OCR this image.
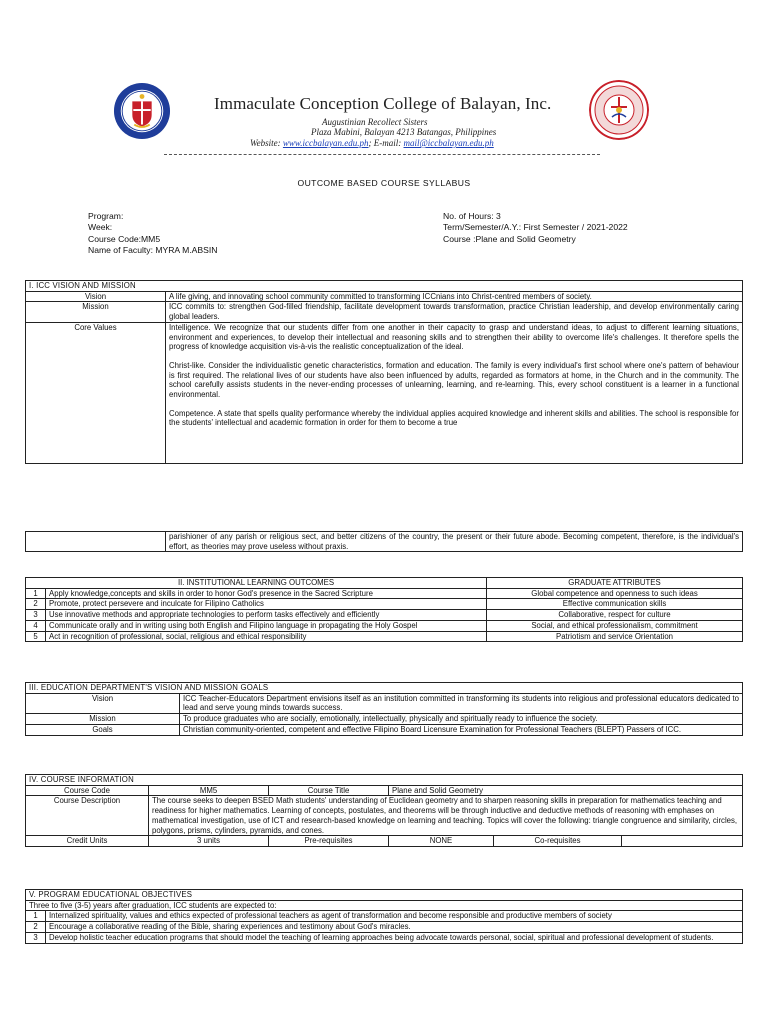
Immaculate Conception College of Balayan, Inc.
Augustinian Recollect Sisters
Plaza Mabini, Balayan 4213 Batangas, Philippines
Website: www.iccbalayan.edu.ph; E-mail: mail@iccbalayan.edu.ph
OUTCOME BASED COURSE SYLLABUS
Program:
Week:
Course Code:MM5
Name of Faculty: MYRA M.ABSIN
No. of Hours: 3
Term/Semester/A.Y.: First Semester / 2021-2022
Course :Plane and Solid Geometry
I. ICC VISION AND MISSION	
Vision	A life giving, and innovating school community committed to transforming ICCnians into Christ-centred members of society.
Mission	ICC commits to: strengthen God-filled friendship, facilitate development towards transformation, practice Christian leadership, and develop environmentally caring global leaders.
Core Values	Intelligence. We recognize that our students differ from one another in their capacity to grasp and understand ideas, to adjust to different learning situations, environment and experiences, to develop their intellectual and reasoning skills and to strengthen their ability to overcome life's challenges. It therefore spells the progress of knowledge acquisition vis-à-vis the realistic conceptualization of the ideal.

Christ-like. Consider the individualistic genetic characteristics, formation and education. The family is every individual's first school where one's pattern of behaviour is first required. The relational lives of our students have also been influenced by adults, regarded as formators at home, in the Church and in the community. The school carefully assists students in the never-ending processes of unlearning, learning, and re-learning. This, every school constituent is a learner in a functional environmental.

Competence. A state that spells quality performance whereby the individual applies acquired knowledge and inherent skills and abilities. The school is responsible for the students' intellectual and academic formation in order for them to become a true

	parishioner of any parish or religious sect, and better citizens of the country, the present or their future abode. Becoming competent, therefore, is the individual's effort, as theories may prove useless without praxis.
II. INSTITUTIONAL LEARNING OUTCOMES		GRADUATE ATTRIBUTES
1	Apply knowledge,concepts and skills in order to honor God's presence in the Sacred Scripture	Global competence and openness to such ideas
2	Promote, protect persevere and inculcate for Filipino Catholics	Effective communication skills
3	Use innovative methods and appropriate technologies to perform tasks effectively and efficiently	Collaborative, respect for culture
4	Communicate orally and in writing using both English and Filipino language in propagating the Holy Gospel	Social, and ethical professionalism, commitment
5	Act in recognition of professional, social, religious and ethical responsibility	Patriotism and service Orientation
III. EDUCATION DEPARTMENT'S VISION AND MISSION GOALS	
Vision	ICC Teacher-Educators Department envisions itself as an institution committed in transforming its students into religious and professional educators dedicated to lead and serve young minds towards success.
Mission	To produce graduates who are socially, emotionally, intellectually, physically and spiritually ready to influence the society.
Goals	Christian community-oriented, competent and effective Filipino Board Licensure Examination for Professional Teachers (BLEPT) Passers of ICC.
IV. COURSE INFORMATION					
Course Code	MM5	Course Title	Plane and Solid Geometry		
Course Description	The course seeks to deepen BSED Math students' understanding of Euclidean geometry and to sharpen reasoning skills in preparation for mathematics teaching and readiness for higher mathematics. Learning of concepts, postulates, and theorems will be through inductive and deductive methods of reasoning with emphases on mathematical investigation, use of ICT and research-based knowledge on learning and teaching. Topics will cover the following: triangle congruence and similarity, circles, polygons, prisms, cylinders, pyramids, and cones.				
Credit Units	3 units	Pre-requisites	NONE	Co-requisites	
V. PROGRAM EDUCATIONAL OBJECTIVES	
Three to five (3-5) years after graduation, ICC students are expected to:	
1	Internalized spirituality, values and ethics expected of professional teachers as agent of transformation and become responsible and productive members of society
2	Encourage a collaborative reading of the Bible, sharing experiences and testimony about God's miracles.
3	Develop holistic teacher education programs that should model the teaching of learning approaches being advocate towards personal, social, spiritual and professional development of students.
